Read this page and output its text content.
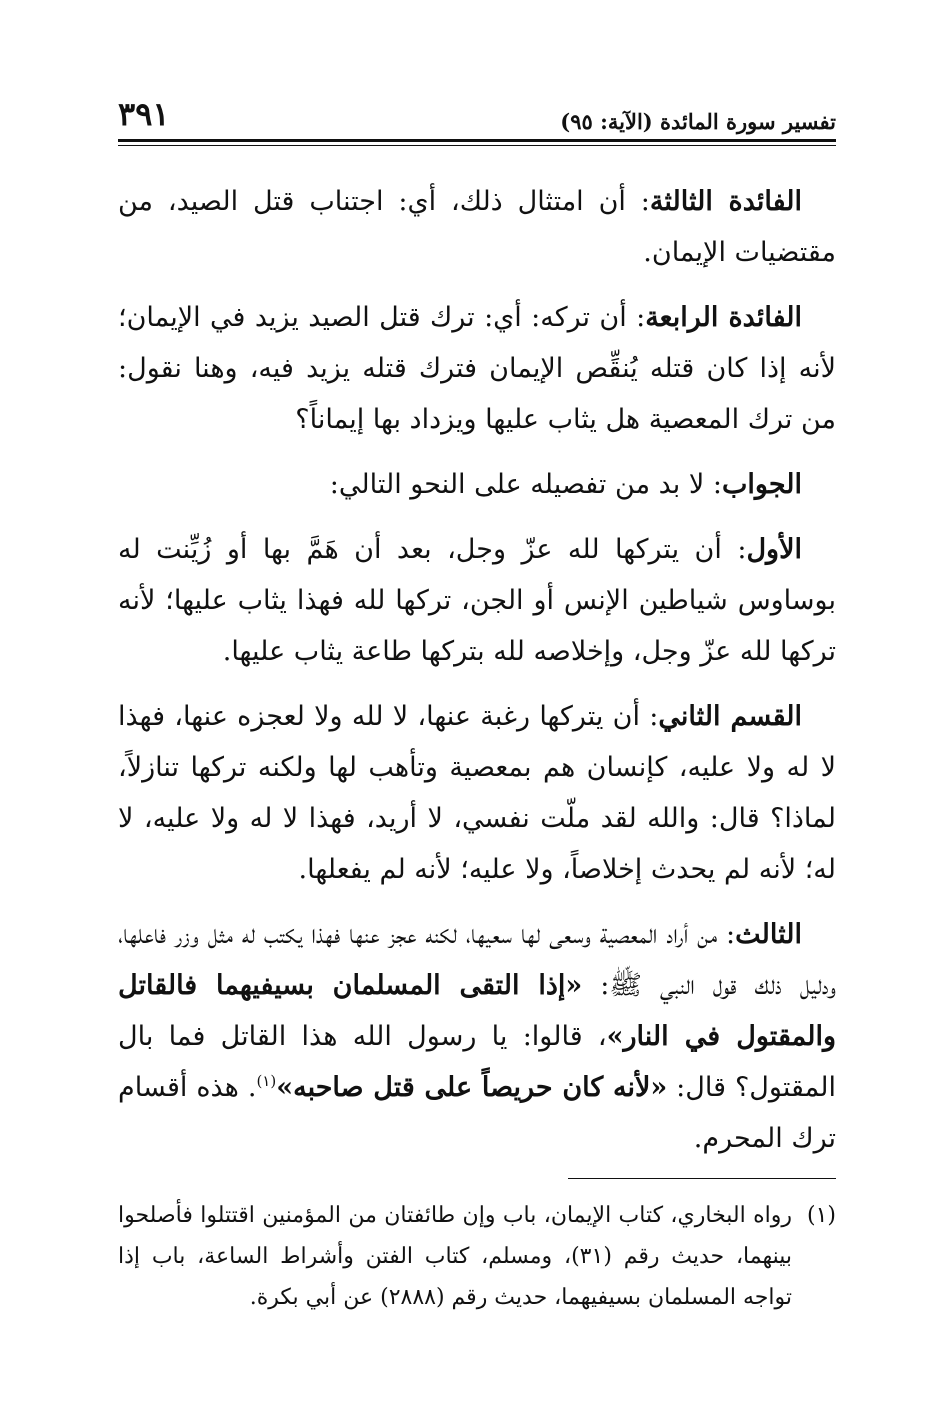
تفسير سورة المائدة (الآية: ٩٥)
٣٩١

الفائدة الثالثة: أن امتثال ذلك، أي: اجتناب قتل الصيد، من مقتضيات الإيمان.

الفائدة الرابعة: أن تركه: أي: ترك قتل الصيد يزيد في الإيمان؛ لأنه إذا كان قتله يُنقِّص الإيمان فترك قتله يزيد فيه، وهنا نقول: من ترك المعصية هل يثاب عليها ويزداد بها إيماناً؟

الجواب: لا بد من تفصيله على النحو التالي:

الأول: أن يتركها لله عزّ وجل، بعد أن هَمَّ بها أو زُيِّنت له بوساوس شياطين الإنس أو الجن، تركها لله فهذا يثاب عليها؛ لأنه تركها لله عزّ وجل، وإخلاصه لله بتركها طاعة يثاب عليها.

القسم الثاني: أن يتركها رغبة عنها، لا لله ولا لعجزه عنها، فهذا لا له ولا عليه، كإنسان هم بمعصية وتأهب لها ولكنه تركها تنازلاً، لماذا؟ قال: والله لقد ملّت نفسي، لا أريد، فهذا لا له ولا عليه، لا له؛ لأنه لم يحدث إخلاصاً، ولا عليه؛ لأنه لم يفعلها.

الثالث: من أراد المعصية وسعى لها سعيها، لكنه عجز عنها فهذا يكتب له مثل وزر فاعلها، ودليل ذلك قول النبي ﷺ: «إذا التقى المسلمان بسيفيهما فالقاتل والمقتول في النار»، قالوا: يا رسول الله هذا القاتل فما بال المقتول؟ قال: «لأنه كان حريصاً على قتل صاحبه»$^{(١)}$. هذه أقسام ترك المحرم.

(١)
رواه البخاري، كتاب الإيمان، باب وإن طائفتان من المؤمنين اقتتلوا فأصلحوا بينهما، حديث رقم (٣١)، ومسلم، كتاب الفتن وأشراط الساعة، باب إذا تواجه المسلمان بسيفيهما، حديث رقم (٢٨٨٨) عن أبي بكرة.
